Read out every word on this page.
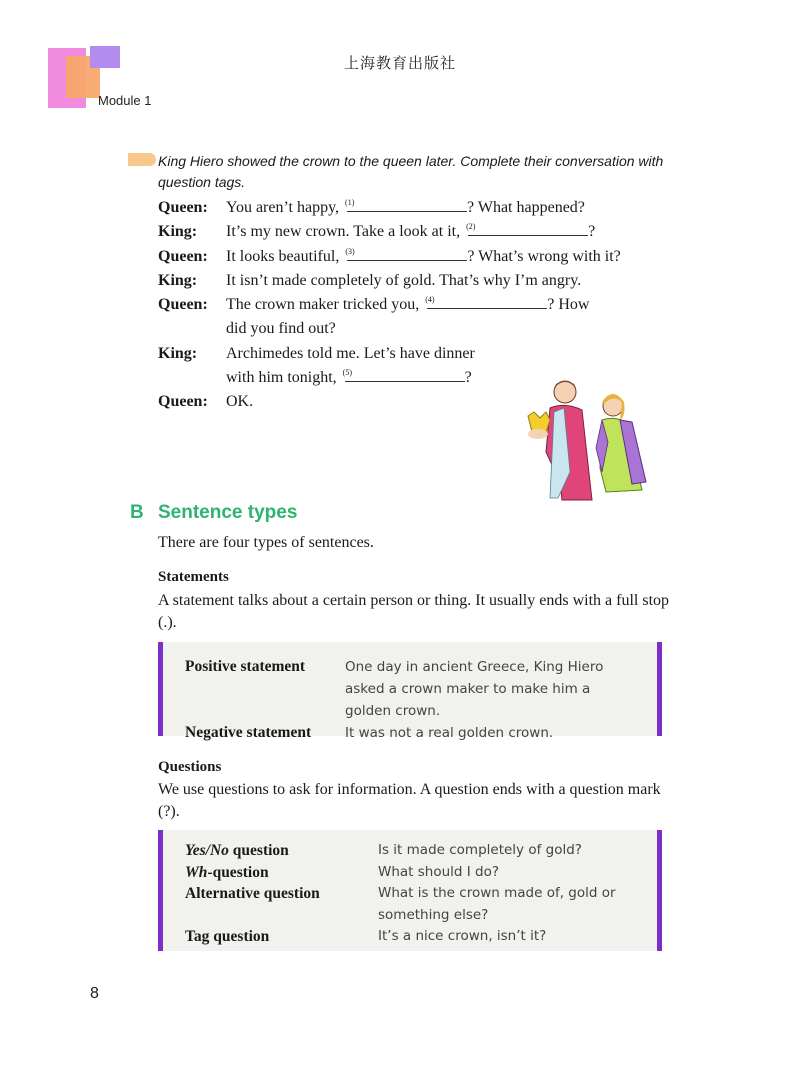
上海教育出版社
Module 1
King Hiero showed the crown to the queen later. Complete their conversation with question tags.
Queen:	You aren’t happy, (1)	? What happened?
King:	It’s my new crown. Take a look at it, (2)	?
Queen:	It looks beautiful, (3)	? What’s wrong with it?
King:	It isn’t made completely of gold. That’s why I’m angry.
Queen:	The crown maker tricked you, (4)	? How did you find out?
King:	Archimedes told me. Let’s have dinner with him tonight, (5)	?
Queen:	OK.
B Sentence types
There are four types of sentences.
Statements
A statement talks about a certain person or thing. It usually ends with a full stop (.).
Positive statement	One day in ancient Greece, King Hiero asked a crown maker to make him a golden crown.
Negative statement	It was not a real golden crown.
Questions
We use questions to ask for information. A question ends with a question mark (?).
Yes/No question	Is it made completely of gold?
Wh-question	What should I do?
Alternative question	What is the crown made of, gold or something else?
Tag question	It’s a nice crown, isn’t it?
8
